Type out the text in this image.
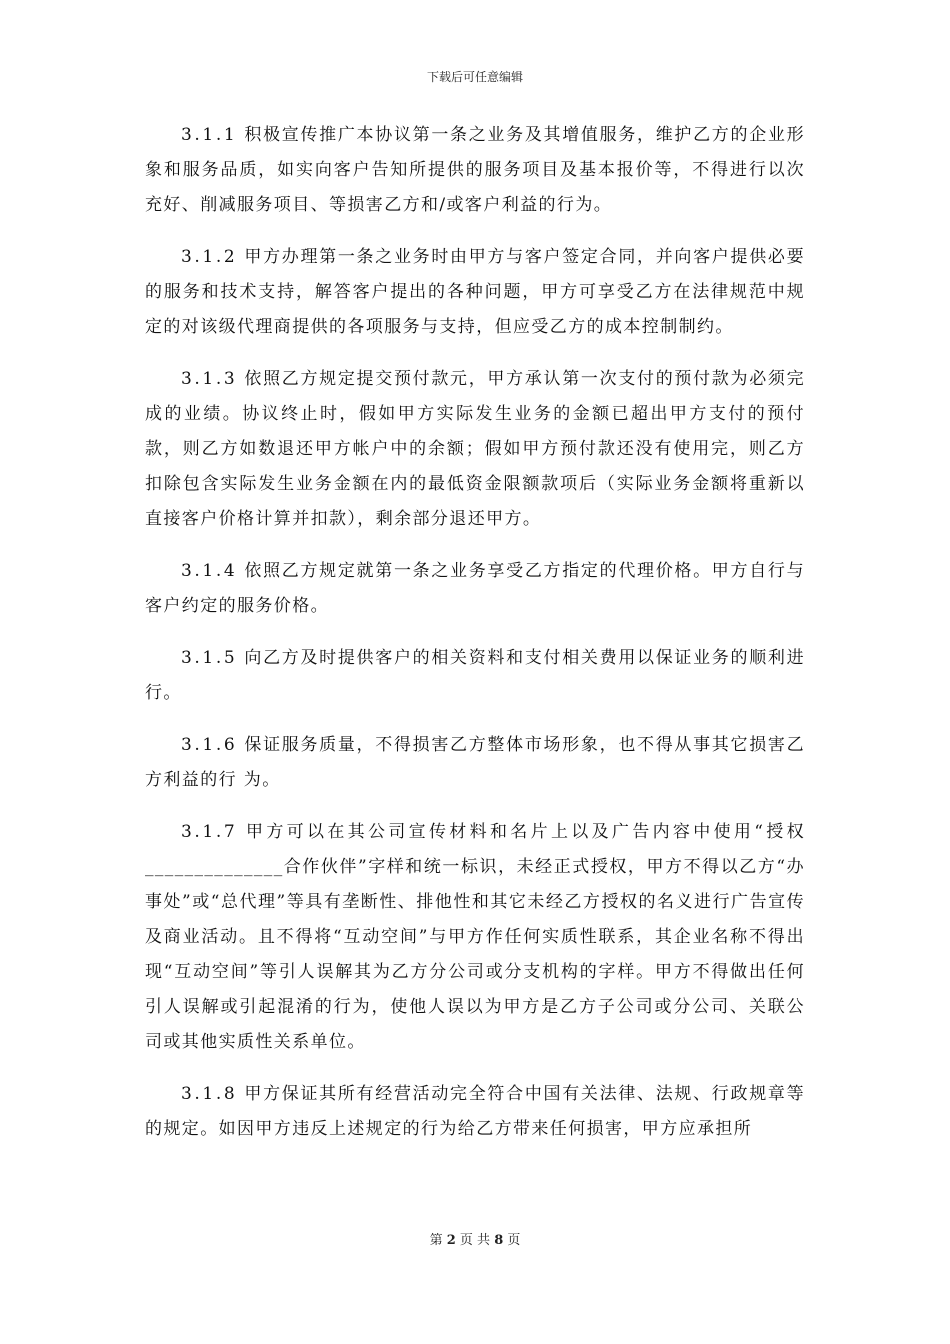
下载后可任意编辑

3.1.1 积极宣传推广本协议第一条之业务及其增值服务，维护乙方的企业形象和服务品质，如实向客户告知所提供的服务项目及基本报价等，不得进行以次充好、削减服务项目、等损害乙方和/或客户利益的行为。

3.1.2 甲方办理第一条之业务时由甲方与客户签定合同，并向客户提供必要的服务和技术支持，解答客户提出的各种问题，甲方可享受乙方在法律规范中规定的对该级代理商提供的各项服务与支持，但应受乙方的成本控制制约。

3.1.3 依照乙方规定提交预付款元，甲方承认第一次支付的预付款为必须完成的业绩。协议终止时，假如甲方实际发生业务的金额已超出甲方支付的预付款，则乙方如数退还甲方帐户中的余额；假如甲方预付款还没有使用完，则乙方扣除包含实际发生业务金额在内的最低资金限额款项后（实际业务金额将重新以直接客户价格计算并扣款），剩余部分退还甲方。

3.1.4 依照乙方规定就第一条之业务享受乙方指定的代理价格。甲方自行与客户约定的服务价格。

3.1.5 向乙方及时提供客户的相关资料和支付相关费用以保证业务的顺利进行。

3.1.6 保证服务质量，不得损害乙方整体市场形象，也不得从事其它损害乙方利益的行 为。

3.1.7 甲方可以在其公司宣传材料和名片上以及广告内容中使用“授权______________合作伙伴”字样和统一标识，未经正式授权，甲方不得以乙方“办事处”或“总代理”等具有垄断性、排他性和其它未经乙方授权的名义进行广告宣传及商业活动。且不得将“互动空间”与甲方作任何实质性联系，其企业名称不得出现“互动空间”等引人误解其为乙方分公司或分支机构的字样。甲方不得做出任何引人误解或引起混淆的行为，使他人误以为甲方是乙方子公司或分公司、关联公司或其他实质性关系单位。

3.1.8 甲方保证其所有经营活动完全符合中国有关法律、法规、行政规章等的规定。如因甲方违反上述规定的行为给乙方带来任何损害，甲方应承担所

第 2 页 共 8 页
